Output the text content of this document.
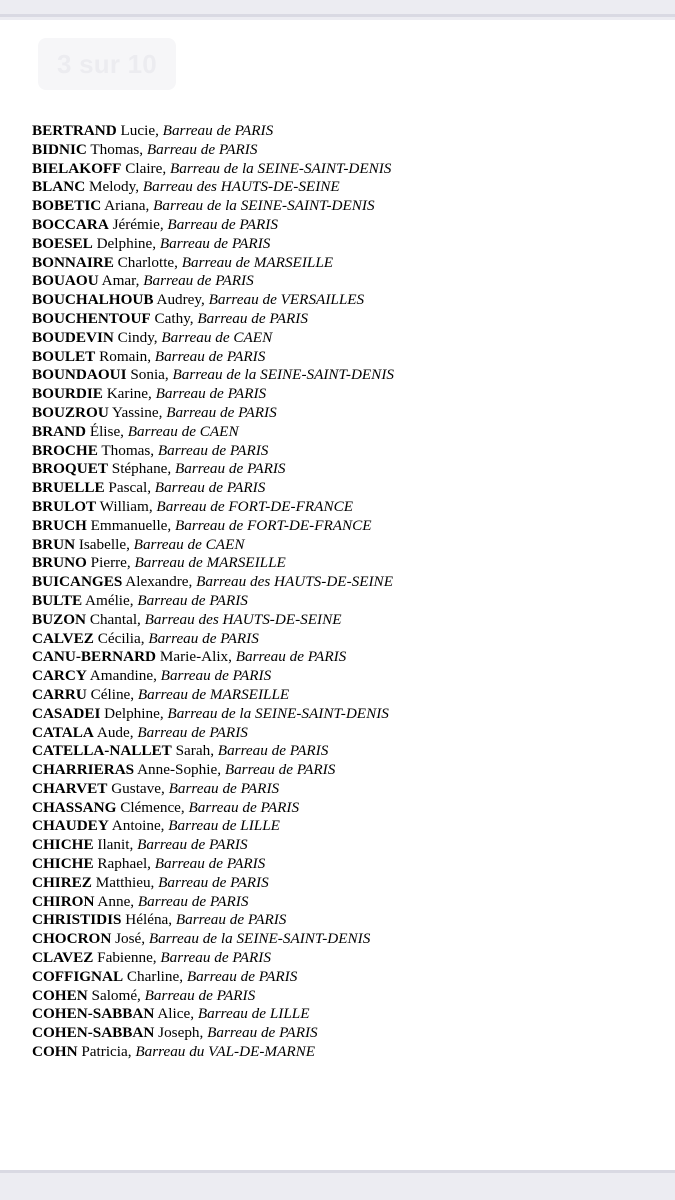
3 sur 10
BERTRAND Lucie, Barreau de PARIS
BIDNIC Thomas, Barreau de PARIS
BIELAKOFF Claire, Barreau de la SEINE-SAINT-DENIS
BLANC Melody, Barreau des HAUTS-DE-SEINE
BOBETIC Ariana, Barreau de la SEINE-SAINT-DENIS
BOCCARA Jérémie, Barreau de PARIS
BOESEL Delphine, Barreau de PARIS
BONNAIRE Charlotte, Barreau de MARSEILLE
BOUAOU Amar, Barreau de PARIS
BOUCHALHOUB Audrey, Barreau de VERSAILLES
BOUCHENTOUF Cathy, Barreau de PARIS
BOUDEVIN Cindy, Barreau de CAEN
BOULET Romain, Barreau de PARIS
BOUNDAOUI Sonia, Barreau de la SEINE-SAINT-DENIS
BOURDIE Karine, Barreau de PARIS
BOUZROU Yassine, Barreau de PARIS
BRAND Élise, Barreau de CAEN
BROCHE Thomas, Barreau de PARIS
BROQUET Stéphane, Barreau de PARIS
BRUELLE Pascal, Barreau de PARIS
BRULOT William, Barreau de FORT-DE-FRANCE
BRUCH Emmanuelle, Barreau de FORT-DE-FRANCE
BRUN Isabelle, Barreau de CAEN
BRUNO Pierre, Barreau de MARSEILLE
BUICANGES Alexandre, Barreau des HAUTS-DE-SEINE
BULTE Amélie, Barreau de PARIS
BUZON Chantal, Barreau des HAUTS-DE-SEINE
CALVEZ Cécilia, Barreau de PARIS
CANU-BERNARD Marie-Alix, Barreau de PARIS
CARCY Amandine, Barreau de PARIS
CARRU Céline, Barreau de MARSEILLE
CASADEI Delphine, Barreau de la SEINE-SAINT-DENIS
CATALA Aude, Barreau de PARIS
CATELLA-NALLET Sarah, Barreau de PARIS
CHARRIERAS Anne-Sophie, Barreau de PARIS
CHARVET Gustave, Barreau de PARIS
CHASSANG Clémence, Barreau de PARIS
CHAUDEY Antoine, Barreau de LILLE
CHICHE Ilanit, Barreau de PARIS
CHICHE Raphael, Barreau de PARIS
CHIREZ Matthieu, Barreau de PARIS
CHIRON Anne, Barreau de PARIS
CHRISTIDIS Héléna, Barreau de PARIS
CHOCRON José, Barreau de la SEINE-SAINT-DENIS
CLAVEZ Fabienne, Barreau de PARIS
COFFIGNAL Charline, Barreau de PARIS
COHEN Salomé, Barreau de PARIS
COHEN-SABBAN Alice, Barreau de LILLE
COHEN-SABBAN Joseph, Barreau de PARIS
COHN Patricia, Barreau du VAL-DE-MARNE
